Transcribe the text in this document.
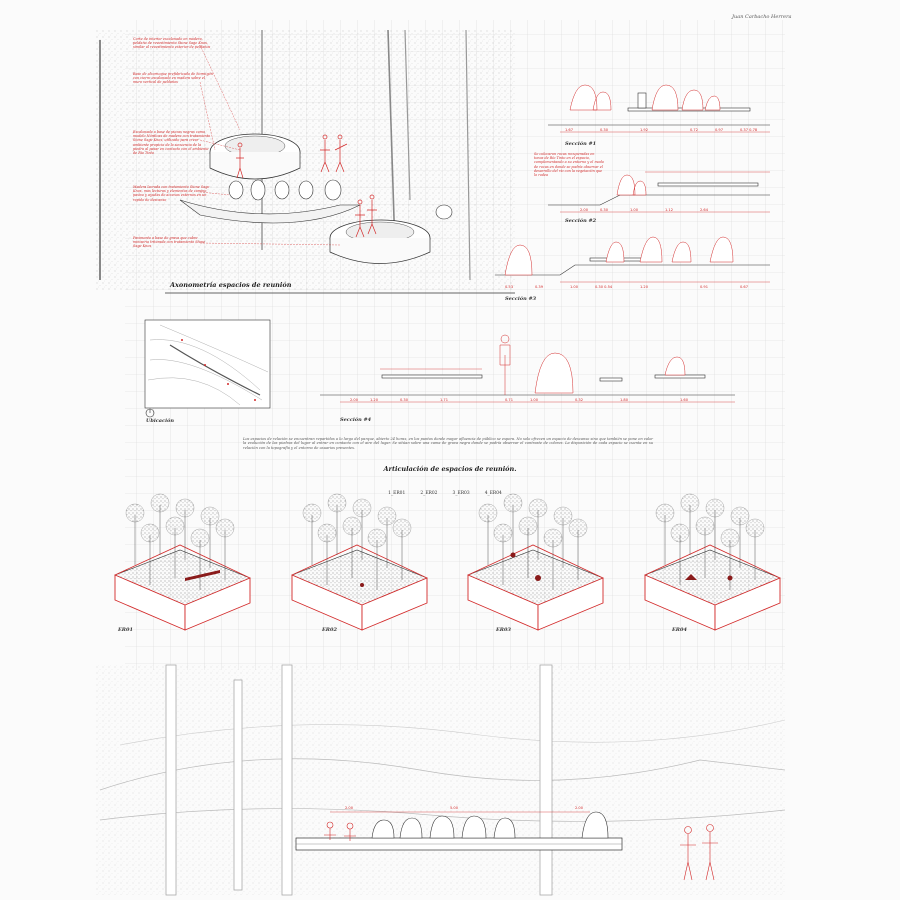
Juan Carbacho Herrera
Corte de interior escalonado en madera, peldaño de revestimiento Stone Sage Knox, similar al revestimiento exterior de peldaños
Base de alcornoque prefabricado de hormigón con cierre escalonado en madera sobre el muro vertical de peldaños
Escalonada a base de piezas negras como modelo Nórdicas de madera con tratamiento Stone Sage Knox, utilizado para crear ambiente propicio de la secuencia de la piedra al pasar en contacto con el ambiente de Río Tinto
Madera lacrada con tratamiento Stone Sage Knox, mas lecturas y elementos de camino pasivo y ayudas de accesos externos en un rapido de descanso
Pavimento a base de grava que cubre miniseria triturada con tratamiento Stone Sage Knox
Axonometría espacios de reunión
Sección #1
Se colocaron rocas recuperadas en tonos de Río Tinto en el espacio, complementando a su entorno y el modo de rocas en donde se podría observar el desarrollo del río con la vegetación que lo rodea
Sección #2
Sección #3
Sección #4
Ubicación
1.67	0.30	1.92	0.72	0.97	0.37 0.78
2.00	0.30	1.00	1.12	2.64
0.53	0.39	1.00	0.30 0.54	1.20	0.91	0.67
2.00	1.20	0.30	1.71	0.71	1.00	0.32	1.80	1.60
2.00	5.00	2.00
Los espacios de relación se encuentran repartidos a lo largo del parque, abierto 24 horas, en los puntos donde mayor afluencia de público se espera. No solo ofrecen un espacio de descanso sino que también se pone en valor la evolución de las piedras del lugar al entrar en contacto con el aire del lugar. Se sitúan sobre una cama de grava negra donde se podría observar el contraste de colores. La disposición de cada espacio se cuenta en su relación con la topografía y el entorno de usuarios presentes.
Articulación de espacios de reunión.
1_ER01	2_ER02	3_ER03	4_ER04
ER01	ER02	ER03	ER04
